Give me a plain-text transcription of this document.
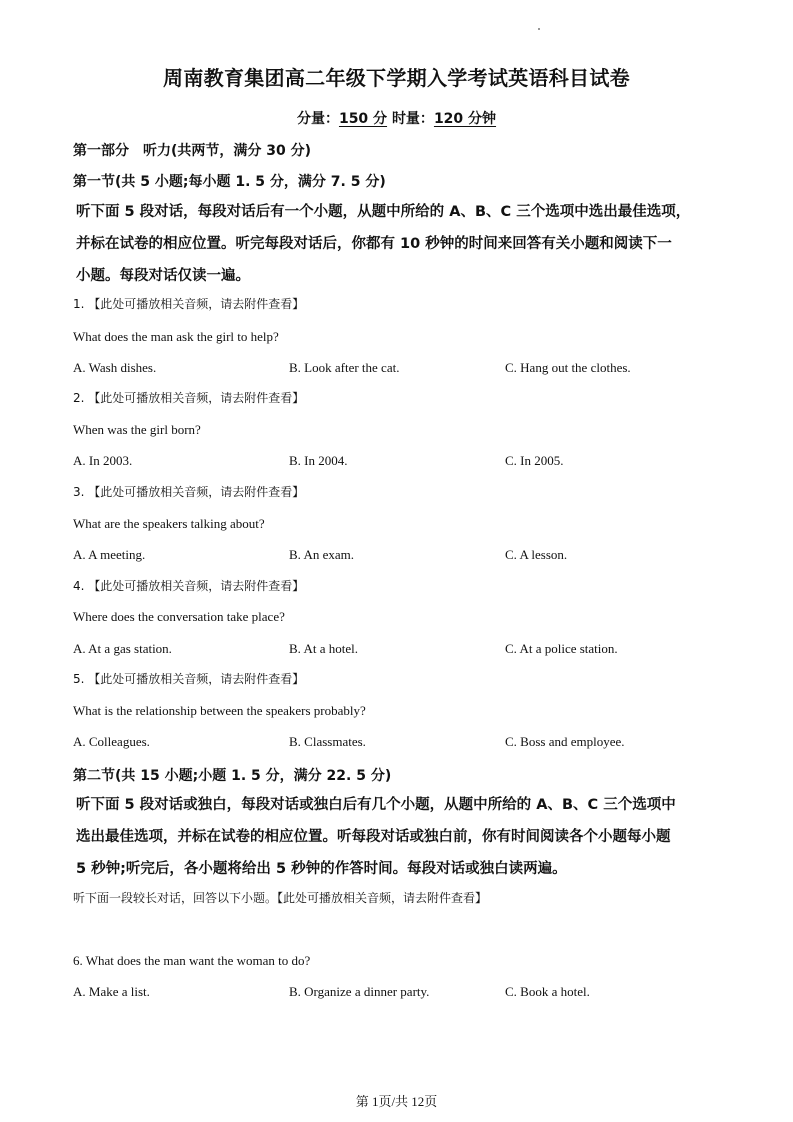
周南教育集团高二年级下学期入学考试英语科目试卷
分量：150 分 时量：120 分钟
第一部分　听力(共两节，满分 30 分)
第一节(共 5 小题;每小题 1. 5 分，满分 7. 5 分)
听下面 5 段对话，每段对话后有一个小题，从题中所给的 A、B、C 三个选项中选出最佳选项，
并标在试卷的相应位置。听完每段对话后，你都有 10 秒钟的时间来回答有关小题和阅读下一
小题。每段对话仅读一遍。
1. 【此处可播放相关音频，请去附件查看】
What does the man ask the girl to help?
A. Wash dishes.	B. Look after the cat.	C. Hang out the clothes.
2. 【此处可播放相关音频，请去附件查看】
When was the girl born?
A. In 2003.	B. In 2004.	C. In 2005.
3. 【此处可播放相关音频，请去附件查看】
What are the speakers talking about?
A. A meeting.	B. An exam.	C. A lesson.
4. 【此处可播放相关音频，请去附件查看】
Where does the conversation take place?
A. At a gas station.	B. At a hotel.	C. At a police station.
5. 【此处可播放相关音频，请去附件查看】
What is the relationship between the speakers probably?
A. Colleagues.	B. Classmates.	C. Boss and employee.
第二节(共 15 小题;小题 1. 5 分，满分 22. 5 分)
听下面 5 段对话或独白，每段对话或独白后有几个小题，从题中所给的 A、B、C 三个选项中
选出最佳选项，并标在试卷的相应位置。听每段对话或独白前，你有时间阅读各个小题每小题
5 秒钟;听完后，各小题将给出 5 秒钟的作答时间。每段对话或独白读两遍。
听下面一段较长对话，回答以下小题。【此处可播放相关音频，请去附件查看】
6. What does the man want the woman to do?
A. Make a list.	B. Organize a dinner party.	C. Book a hotel.
第 1页/共 12页
